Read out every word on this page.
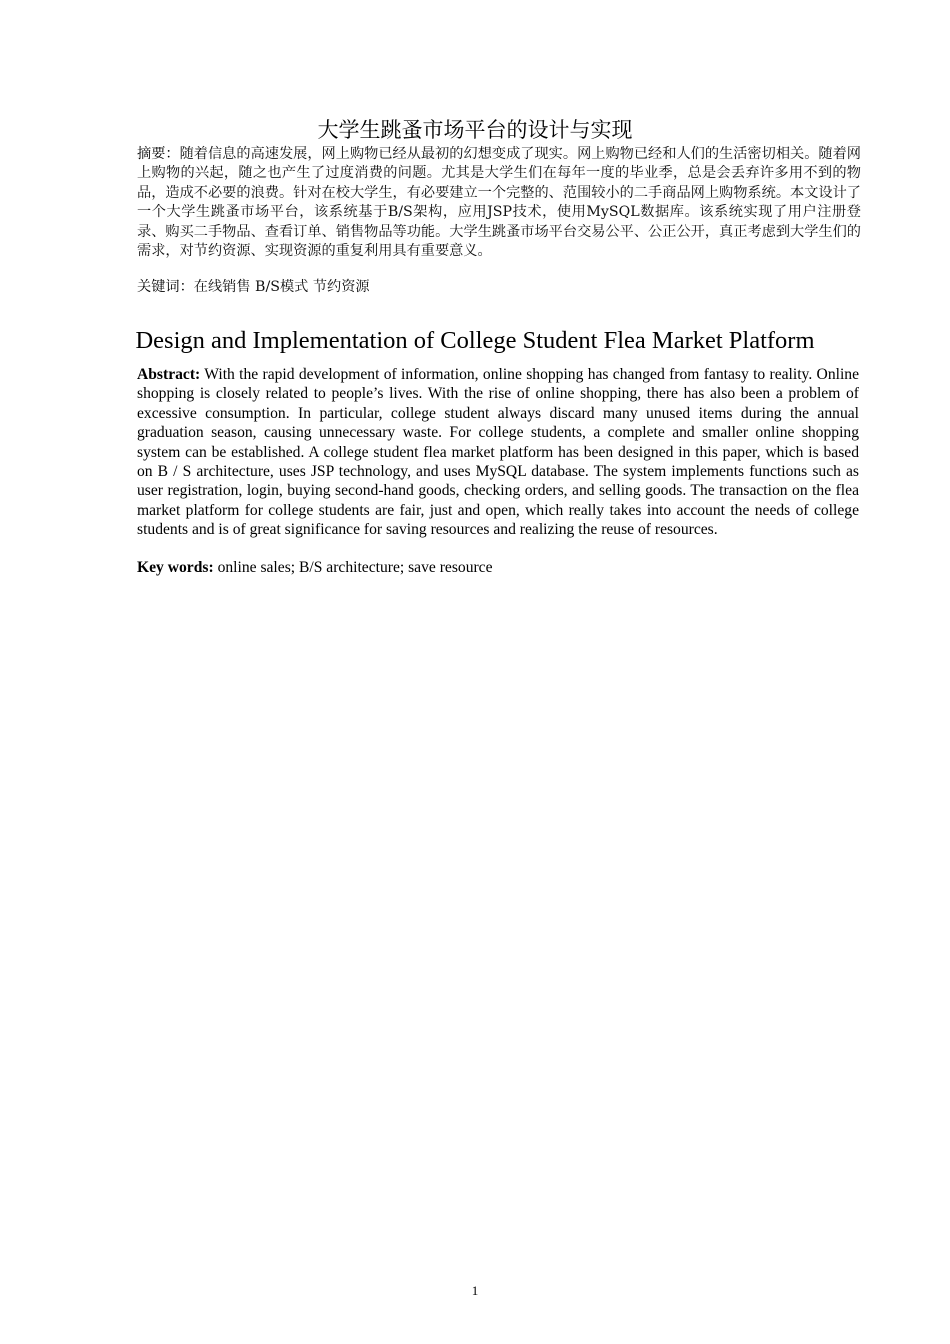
大学生跳蚤市场平台的设计与实现

摘要：随着信息的高速发展，网上购物已经从最初的幻想变成了现实。网上购物已经和人们的生活密切相关。随着网上购物的兴起，随之也产生了过度消费的问题。尤其是大学生们在每年一度的毕业季，总是会丢弃许多用不到的物品，造成不必要的浪费。针对在校大学生，有必要建立一个完整的、范围较小的二手商品网上购物系统。本文设计了一个大学生跳蚤市场平台，该系统基于B/S架构，应用JSP技术，使用MySQL数据库。该系统实现了用户注册登录、购买二手物品、查看订单、销售物品等功能。大学生跳蚤市场平台交易公平、公正公开，真正考虑到大学生们的需求，对节约资源、实现资源的重复利用具有重要意义。

关键词：在线销售 B/S模式 节约资源

Design and Implementation of College Student Flea Market Platform

Abstract: With the rapid development of information, online shopping has changed from fantasy to reality. Online shopping is closely related to people’s lives. With the rise of online shopping, there has also been a problem of excessive consumption. In particular, college student always discard many unused items during the annual graduation season, causing unnecessary waste. For college students, a complete and smaller online shopping system can be established. A college student flea market platform has been designed in this paper, which is based on B / S architecture, uses JSP technology, and uses MySQL database. The system implements functions such as user registration, login, buying second-hand goods, checking orders, and selling goods. The transaction on the flea market platform for college students are fair, just and open, which really takes into account the needs of college students and is of great significance for saving resources and realizing the reuse of resources.

Key words: online sales; B/S architecture; save resource

1
